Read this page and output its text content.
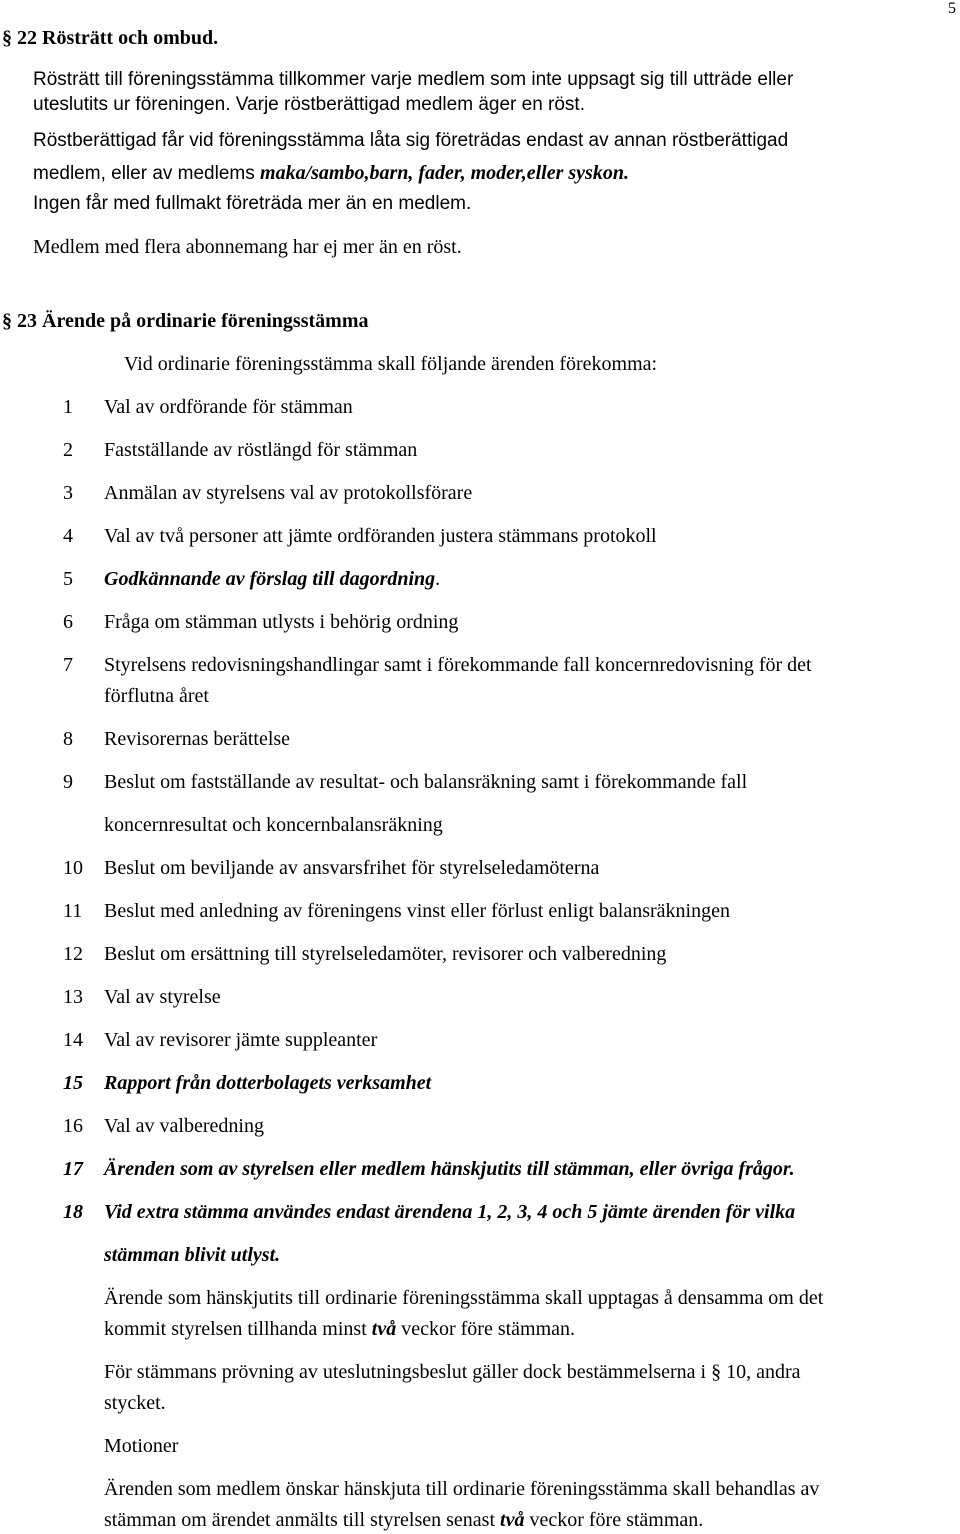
5
§ 22 Rösträtt och ombud.
Rösträtt till föreningsstämma tillkommer varje medlem som inte uppsagt sig till utträde eller
uteslutits ur föreningen. Varje röstberättigad medlem äger en röst.
Röstberättigad får vid föreningsstämma låta sig företrädas endast av annan röstberättigad
medlem, eller av medlems maka/sambo,barn, fader, moder,eller syskon.
Ingen får med fullmakt företräda mer än en medlem.
Medlem med flera abonnemang har ej mer än en röst.
§ 23 Ärende på ordinarie föreningsstämma
Vid ordinarie föreningsstämma skall följande ärenden förekomma:
1 Val av ordförande för stämman
2 Fastställande av röstlängd för stämman
3 Anmälan av styrelsens val av protokollsförare
4 Val av två personer att jämte ordföranden justera stämmans protokoll
5 Godkännande av förslag till dagordning.
6 Fråga om stämman utlysts i behörig ordning
7 Styrelsens redovisningshandlingar samt i förekommande fall koncernredovisning för det
förflutna året
8 Revisorernas berättelse
9 Beslut om fastställande av resultat- och balansräkning samt i förekommande fall
koncernresultat och koncernbalansräkning
10 Beslut om beviljande av ansvarsfrihet för styrelseledamöterna
11 Beslut med anledning av föreningens vinst eller förlust enligt balansräkningen
12 Beslut om ersättning till styrelseledamöter, revisorer och valberedning
13 Val av styrelse
14 Val av revisorer jämte suppleanter
15 Rapport från dotterbolagets verksamhet
16 Val av valberedning
17 Ärenden som av styrelsen eller medlem hänskjutits till stämman, eller övriga frågor.
18 Vid extra stämma användes endast ärendena 1, 2, 3, 4 och 5 jämte ärenden för vilka
stämman blivit utlyst.
Ärende som hänskjutits till ordinarie föreningsstämma skall upptagas å densamma om det
kommit styrelsen tillhanda minst två veckor före stämman.
För stämmans prövning av uteslutningsbeslut gäller dock bestämmelserna i § 10, andra
stycket.
Motioner
Ärenden som medlem önskar hänskjuta till ordinarie föreningsstämma skall behandlas av
stämman om ärendet anmälts till styrelsen senast två veckor före stämman.
